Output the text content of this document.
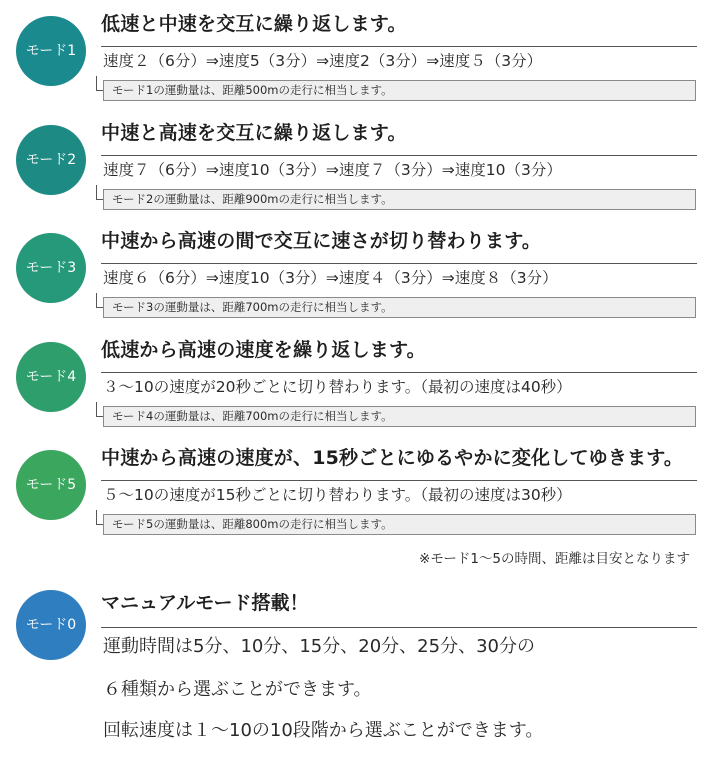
モード1
低速と中速を交互に繰り返します。
速度２（6分）⇒速度5（3分）⇒速度2（3分）⇒速度５（3分）
モード1の運動量は、距離500mの走行に相当します。
モード2
中速と高速を交互に繰り返します。
速度７（6分）⇒速度10（3分）⇒速度７（3分）⇒速度10（3分）
モード2の運動量は、距離900mの走行に相当します。
モード3
中速から高速の間で交互に速さが切り替わります。
速度６（6分）⇒速度10（3分）⇒速度４（3分）⇒速度８（3分）
モード3の運動量は、距離700mの走行に相当します。
モード4
低速から高速の速度を繰り返します。
３～10の速度が20秒ごとに切り替わります。（最初の速度は40秒）
モード4の運動量は、距離700mの走行に相当します。
モード5
中速から高速の速度が、15秒ごとにゆるやかに変化してゆきます。
５～10の速度が15秒ごとに切り替わります。（最初の速度は30秒）
モード5の運動量は、距離800mの走行に相当します。
※モード1～5の時間、距離は目安となります
モード0
マニュアルモード搭載！
運動時間は5分、10分、15分、20分、25分、30分の
６種類から選ぶことができます。
回転速度は１～10の10段階から選ぶことができます。
